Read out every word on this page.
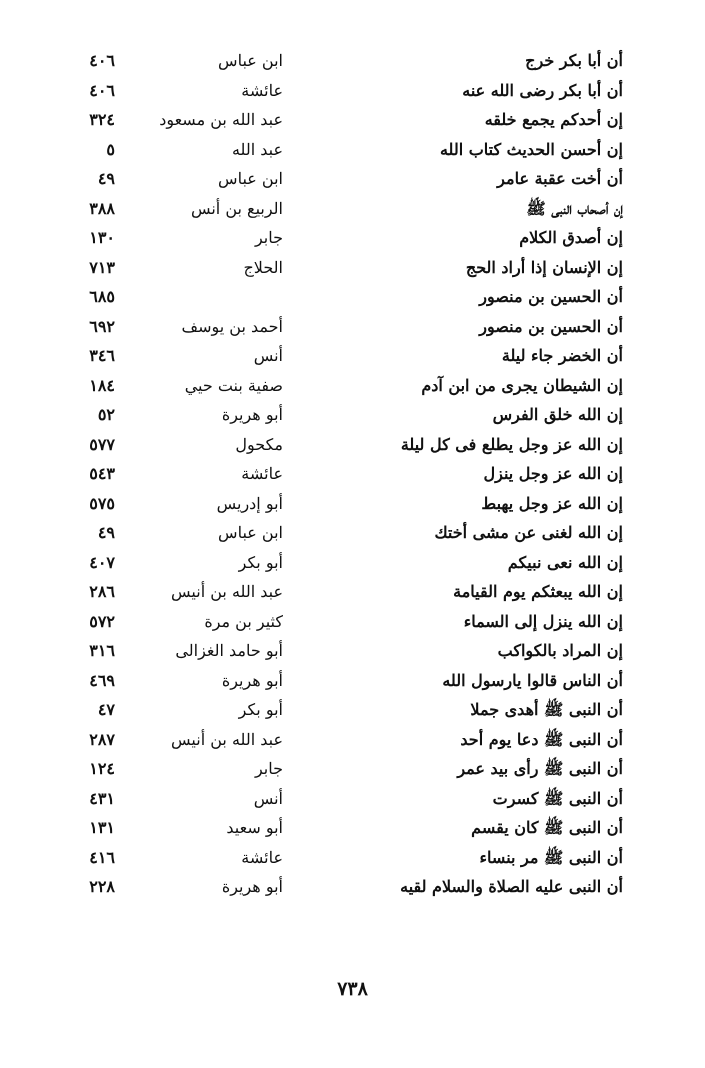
أن أبا بكر خرج
ابن عباس
٤٠٦
أن أبا بكر رضى الله عنه
عائشة
٤٠٦
إن أحدكم يجمع خلقه
عبد الله بن مسعود
٣٢٤
إن أحسن الحديث كتاب الله
عبد الله
٥
أن أخت عقبة عامر
ابن عباس
٤٩
إن أصحاب النبى ﷺ
الربيع بن أنس
٣٨٨
إن أصدق الكلام
جابر
١٣٠
إن الإنسان إذا أراد الحج
الحلاج
٧١٣
أن الحسين بن منصور
٦٨٥
أن الحسين بن منصور
أحمد بن يوسف
٦٩٢
أن الخضر جاء ليلة
أنس
٣٤٦
إن الشيطان يجرى من ابن آدم
صفية بنت حيي
١٨٤
إن الله خلق الفرس
أبو هريرة
٥٢
إن الله عز وجل يطلع فى كل ليلة
مكحول
٥٧٧
إن الله عز وجل ينزل
عائشة
٥٤٣
إن الله عز وجل يهبط
أبو إدريس
٥٧٥
إن الله لغنى عن مشى أختك
ابن عباس
٤٩
إن الله نعى نبيكم
أبو بكر
٤٠٧
إن الله يبعثكم يوم القيامة
عبد الله بن أنيس
٢٨٦
إن الله ينزل إلى السماء
كثير بن مرة
٥٧٢
إن المراد بالكواكب
أبو حامد الغزالى
٣١٦
أن الناس قالوا يارسول الله
أبو هريرة
٤٦٩
أن النبى ﷺ أهدى جملا
أبو بكر
٤٧
أن النبى ﷺ دعا يوم أحد
عبد الله بن أنيس
٢٨٧
أن النبى ﷺ رأى بيد عمر
جابر
١٢٤
أن النبى ﷺ كسرت
أنس
٤٣١
أن النبى ﷺ كان يقسم
أبو سعيد
١٣١
أن النبى ﷺ مر بنساء
عائشة
٤١٦
أن النبى عليه الصلاة والسلام لقيه
أبو هريرة
٢٢٨
٧٣٨
